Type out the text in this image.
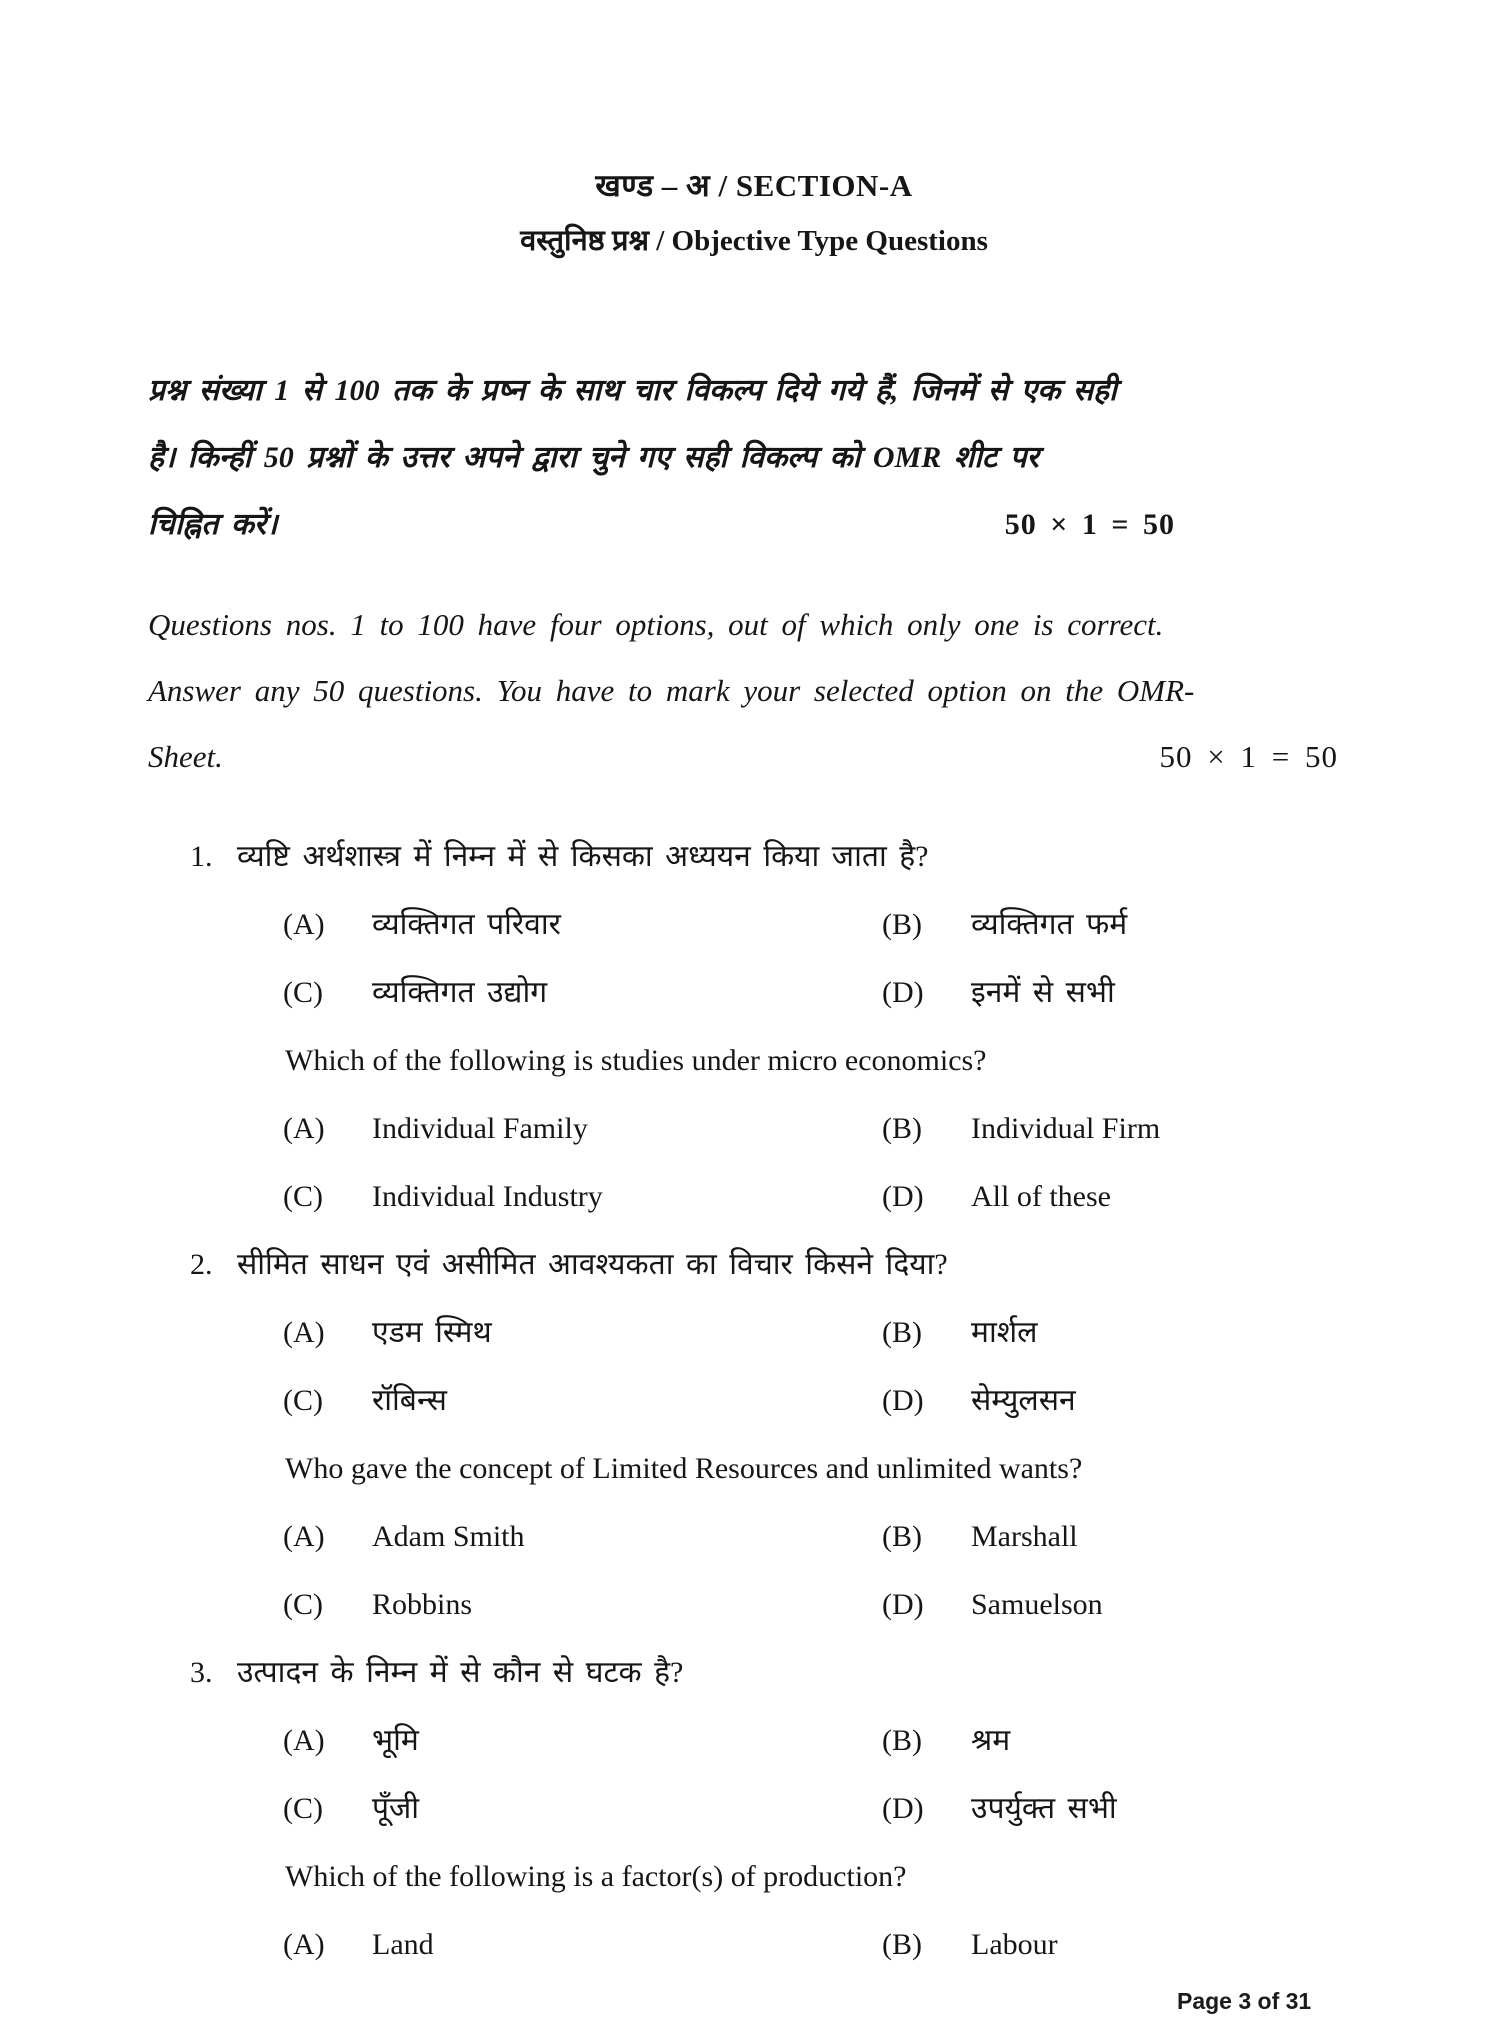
खण्ड – अ / SECTION-A
वस्तुनिष्ठ प्रश्न / Objective Type Questions
प्रश्न संख्या 1 से 100 तक के प्रष्न के साथ चार विकल्प दिये गये हैं, जिनमें से एक सही
है। किन्हीं 50 प्रश्नों के उत्तर अपने द्वारा चुने गए सही विकल्प को OMR शीट पर
चिह्नित करें।	50 × 1 = 50
Questions nos. 1 to 100 have four options, out of which only one is correct.
Answer any 50 questions. You have to mark your selected option on the OMR-
Sheet.	50 × 1 = 50
1. व्यष्टि अर्थशास्त्र में निम्न में से किसका अध्ययन किया जाता है?
(A)	व्यक्तिगत परिवार	(B)	व्यक्तिगत फर्म
(C)	व्यक्तिगत उद्योग	(D)	इनमें से सभी
Which of the following is studies under micro economics?
(A)	Individual Family	(B)	Individual Firm
(C)	Individual Industry	(D)	All of these
2. सीमित साधन एवं असीमित आवश्यकता का विचार किसने दिया?
(A)	एडम स्मिथ	(B)	मार्शल
(C)	रॉबिन्स	(D)	सेम्युलसन
Who gave the concept of Limited Resources and unlimited wants?
(A)	Adam Smith	(B)	Marshall
(C)	Robbins	(D)	Samuelson
3. उत्पादन के निम्न में से कौन से घटक है?
(A)	भूमि	(B)	श्रम
(C)	पूँजी	(D)	उपर्युक्त सभी
Which of the following is a factor(s) of production?
(A)	Land	(B)	Labour
Page 3 of 31
